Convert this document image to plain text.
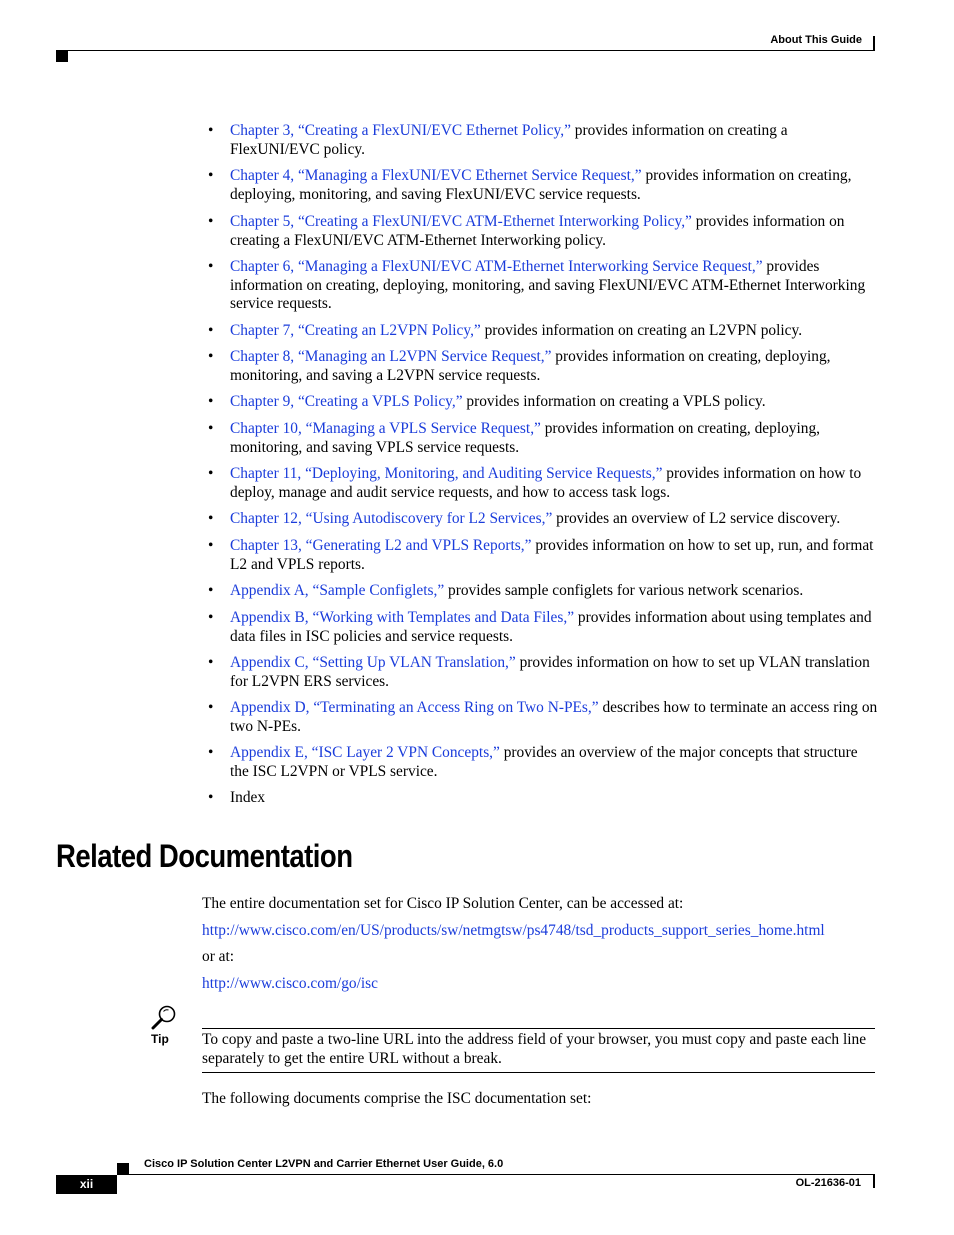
About This Guide
• Chapter 3, “Creating a FlexUNI/EVC Ethernet Policy,” provides information on creating a FlexUNI/EVC policy.
• Chapter 4, “Managing a FlexUNI/EVC Ethernet Service Request,” provides information on creating, deploying, monitoring, and saving FlexUNI/EVC service requests.
• Chapter 5, “Creating a FlexUNI/EVC ATM-Ethernet Interworking Policy,” provides information on creating a FlexUNI/EVC ATM-Ethernet Interworking policy.
• Chapter 6, “Managing a FlexUNI/EVC ATM-Ethernet Interworking Service Request,” provides information on creating, deploying, monitoring, and saving FlexUNI/EVC ATM-Ethernet Interworking service requests.
• Chapter 7, “Creating an L2VPN Policy,” provides information on creating an L2VPN policy.
• Chapter 8, “Managing an L2VPN Service Request,” provides information on creating, deploying, monitoring, and saving a L2VPN service requests.
• Chapter 9, “Creating a VPLS Policy,” provides information on creating a VPLS policy.
• Chapter 10, “Managing a VPLS Service Request,” provides information on creating, deploying, monitoring, and saving VPLS service requests.
• Chapter 11, “Deploying, Monitoring, and Auditing Service Requests,” provides information on how to deploy, manage and audit service requests, and how to access task logs.
• Chapter 12, “Using Autodiscovery for L2 Services,” provides an overview of L2 service discovery.
• Chapter 13, “Generating L2 and VPLS Reports,” provides information on how to set up, run, and format L2 and VPLS reports.
• Appendix A, “Sample Configlets,” provides sample configlets for various network scenarios.
• Appendix B, “Working with Templates and Data Files,” provides information about using templates and data files in ISC policies and service requests.
• Appendix C, “Setting Up VLAN Translation,” provides information on how to set up VLAN translation for L2VPN ERS services.
• Appendix D, “Terminating an Access Ring on Two N-PEs,” describes how to terminate an access ring on two N-PEs.
• Appendix E, “ISC Layer 2 VPN Concepts,” provides an overview of the major concepts that structure the ISC L2VPN or VPLS service.
• Index
Related Documentation
The entire documentation set for Cisco IP Solution Center, can be accessed at:
http://www.cisco.com/en/US/products/sw/netmgtsw/ps4748/tsd_products_support_series_home.html
or at:
http://www.cisco.com/go/isc
Tip To copy and paste a two-line URL into the address field of your browser, you must copy and paste each line separately to get the entire URL without a break.
The following documents comprise the ISC documentation set:
Cisco IP Solution Center L2VPN and Carrier Ethernet User Guide, 6.0
xii	OL-21636-01
